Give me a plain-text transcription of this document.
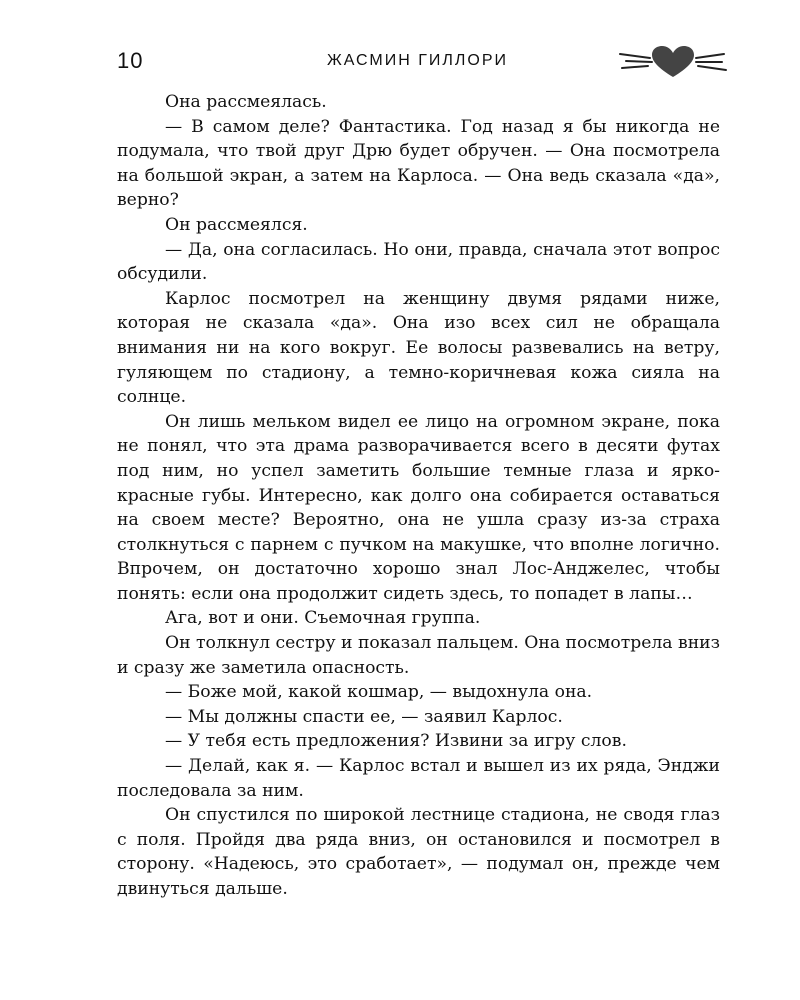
10	ЖАСМИН ГИЛЛОРИ

Она рассмеялась.

— В самом деле? Фантастика. Год назад я бы никогда не подумала, что твой друг Дрю будет обручен. — Она посмотрела на большой экран, а затем на Карлоса. — Она ведь сказала «да», верно?

Он рассмеялся.

— Да, она согласилась. Но они, правда, сначала этот вопрос обсудили.

Карлос посмотрел на женщину двумя рядами ниже, которая не сказала «да». Она изо всех сил не обращала внимания ни на кого вокруг. Ее волосы развевались на ветру, гуляющем по стадиону, а темно-коричневая кожа сияла на солнце.

Он лишь мельком видел ее лицо на огромном экране, пока не понял, что эта драма разворачивается всего в десяти футах под ним, но успел заметить большие темные глаза и ярко-красные губы. Интересно, как долго она собирается оставаться на своем месте? Вероятно, она не ушла сразу из-за страха столкнуться с парнем с пучком на макушке, что вполне логично. Впрочем, он достаточно хорошо знал Лос-Анджелес, чтобы понять: если она продолжит сидеть здесь, то попадет в лапы…

Ага, вот и они. Съемочная группа.

Он толкнул сестру и показал пальцем. Она посмотрела вниз и сразу же заметила опасность.

— Боже мой, какой кошмар, — выдохнула она.

— Мы должны спасти ее, — заявил Карлос.

— У тебя есть предложения? Извини за игру слов.

— Делай, как я. — Карлос встал и вышел из их ряда, Энджи последовала за ним.

Он спустился по широкой лестнице стадиона, не сводя глаз с поля. Пройдя два ряда вниз, он остановился и посмотрел в сторону. «Надеюсь, это сработает», — подумал он, прежде чем двинуться дальше.
